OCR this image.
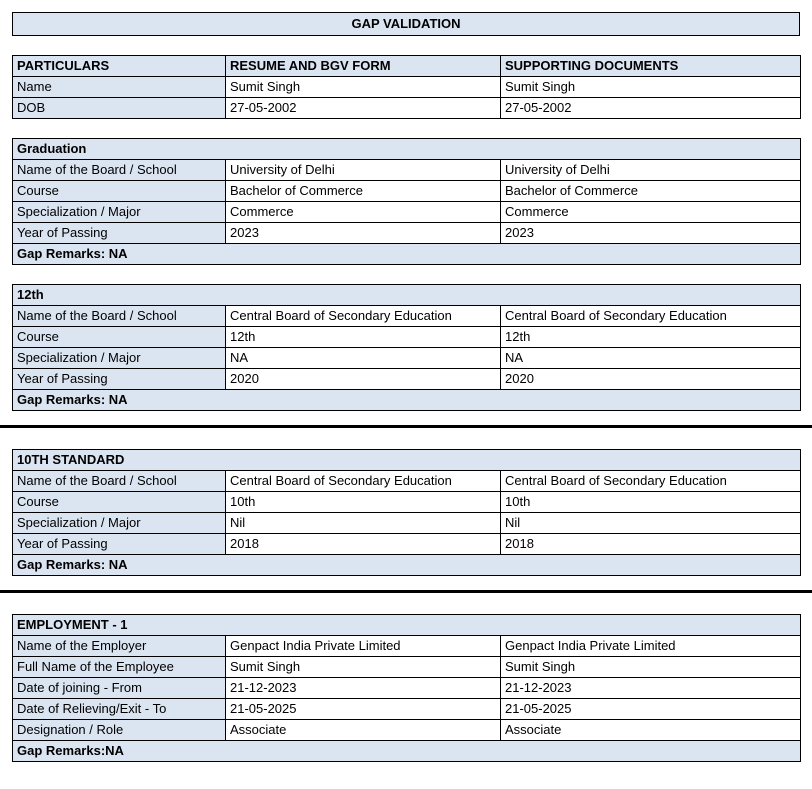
GAP VALIDATION
PARTICULARS	RESUME AND BGV FORM	SUPPORTING DOCUMENTS
Name	Sumit Singh	Sumit Singh
DOB	27-05-2002	27-05-2002
Graduation		
Name of the Board / School	University of Delhi	University of Delhi
Course	Bachelor of Commerce	Bachelor of Commerce
Specialization / Major	Commerce	Commerce
Year of Passing	2023	2023
Gap Remarks: NA		
12th		
Name of the Board / School	Central Board of Secondary Education	Central Board of Secondary Education
Course	12th	12th
Specialization / Major	NA	NA
Year of Passing	2020	2020
Gap Remarks: NA		
10TH STANDARD		
Name of the Board / School	Central Board of Secondary Education	Central Board of Secondary Education
Course	10th	10th
Specialization / Major	Nil	Nil
Year of Passing	2018	2018
Gap Remarks: NA		
EMPLOYMENT - 1		
Name of the Employer	Genpact India Private Limited	Genpact India Private Limited
Full Name of the Employee	Sumit Singh	Sumit Singh
Date of joining - From	21-12-2023	21-12-2023
Date of Relieving/Exit - To	21-05-2025	21-05-2025
Designation / Role	Associate	Associate
Gap Remarks:NA		
